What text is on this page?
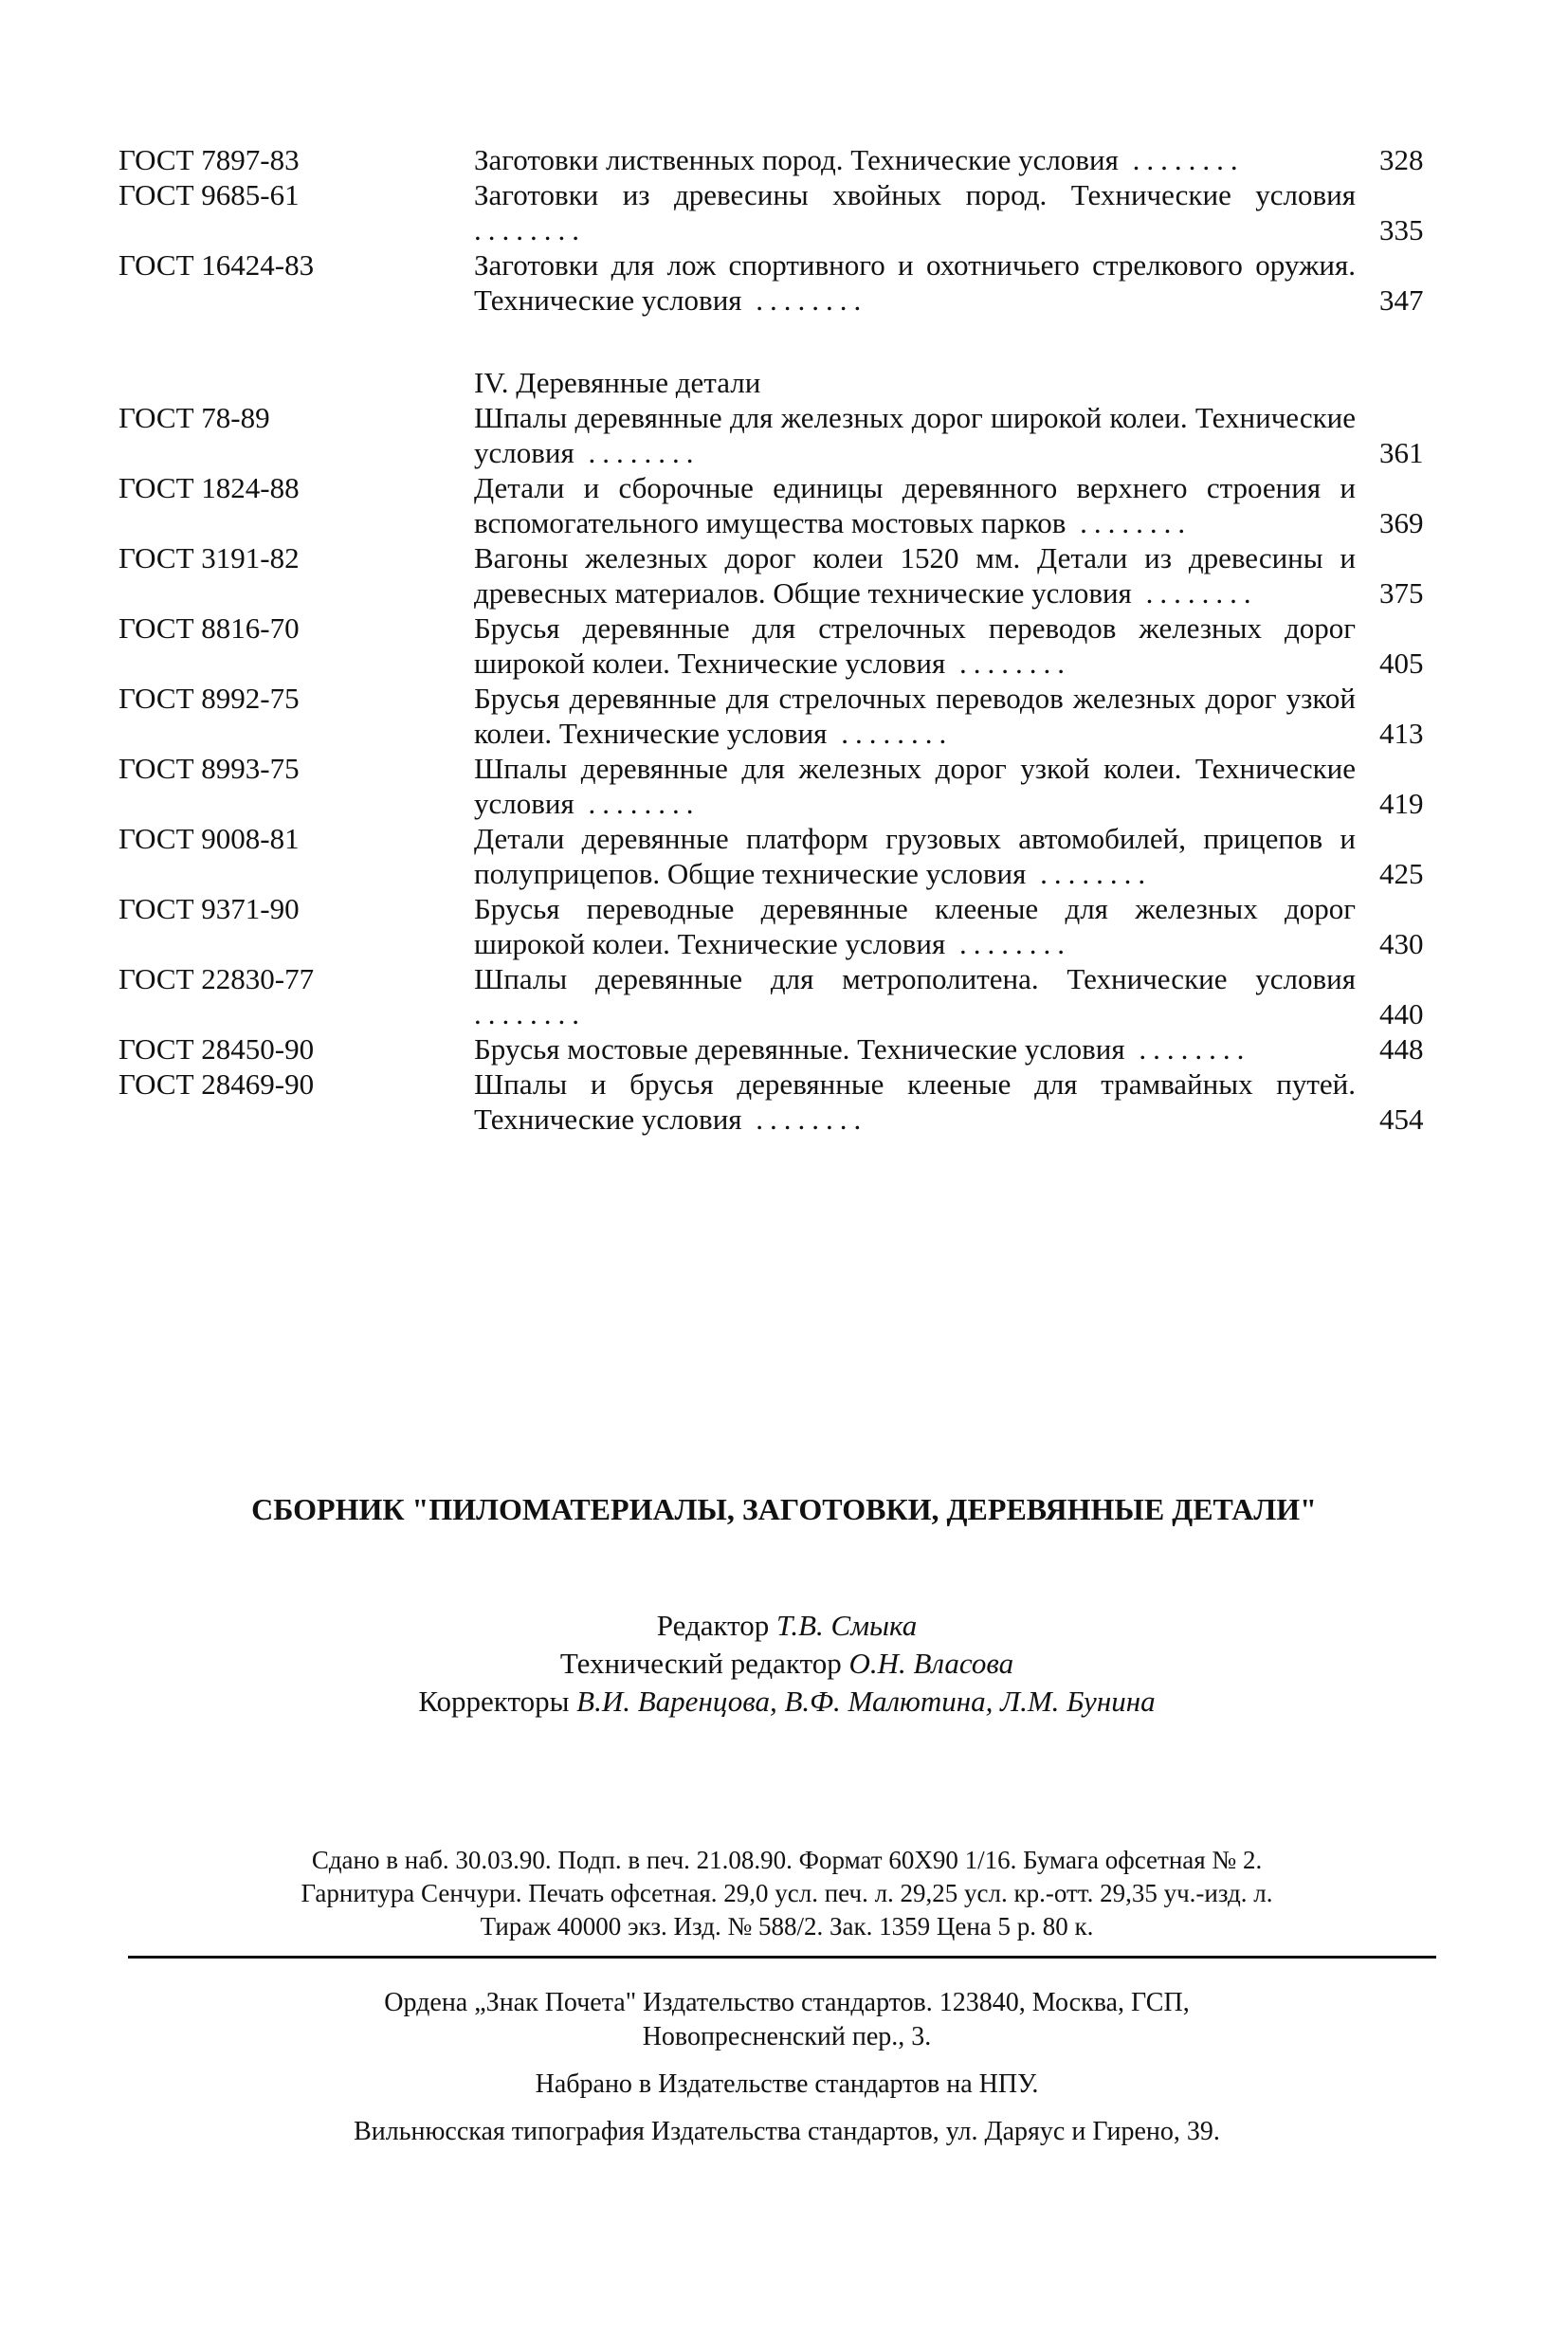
ГОСТ 7897-83	Заготовки лиственных пород. Технические условия ........	328
ГОСТ 9685-61	Заготовки из древесины хвойных пород. Технические условия ........	335
ГОСТ 16424-83	Заготовки для лож спортивного и охотничьего стрелкового оружия. Технические условия ........	347
IV. Деревянные детали
ГОСТ 78-89	Шпалы деревянные для железных дорог широкой колеи. Технические условия ........	361
ГОСТ 1824-88	Детали и сборочные единицы деревянного верхнего строения и вспомогательного имущества мостовых парков ........	369
ГОСТ 3191-82	Вагоны железных дорог колеи 1520 мм. Детали из древесины и древесных материалов. Общие технические условия ........	375
ГОСТ 8816-70	Брусья деревянные для стрелочных переводов железных дорог широкой колеи. Технические условия ........	405
ГОСТ 8992-75	Брусья деревянные для стрелочных переводов железных дорог узкой колеи. Технические условия ........	413
ГОСТ 8993-75	Шпалы деревянные для железных дорог узкой колеи. Технические условия ........	419
ГОСТ 9008-81	Детали деревянные платформ грузовых автомобилей, прицепов и полуприцепов. Общие технические условия ........	425
ГОСТ 9371-90	Брусья переводные деревянные клееные для железных дорог широкой колеи. Технические условия ........	430
ГОСТ 22830-77	Шпалы деревянные для метрополитена. Технические условия ........	440
ГОСТ 28450-90	Брусья мостовые деревянные. Технические условия ........	448
ГОСТ 28469-90	Шпалы и брусья деревянные клееные для трамвайных путей. Технические условия ........	454
СБОРНИК "ПИЛОМАТЕРИАЛЫ, ЗАГОТОВКИ, ДЕРЕВЯННЫЕ ДЕТАЛИ"
Редактор Т.В. Смыка
Технический редактор О.Н. Власова
Корректоры В.И. Варенцова, В.Ф. Малютина, Л.М. Бунина
Сдано в наб. 30.03.90. Подп. в печ. 21.08.90. Формат 60X90 1/16. Бумага офсетная № 2.
Гарнитура Сенчури. Печать офсетная. 29,0 усл. печ. л. 29,25 усл. кр.-отт. 29,35 уч.-изд. л.
Тираж 40000 экз. Изд. № 588/2. Зак. 1359 Цена 5 р. 80 к.

Ордена „Знак Почета" Издательство стандартов. 123840, Москва, ГСП,

Новопресненский пер., 3.

Набрано в Издательстве стандартов на НПУ.

Вильнюсская типография Издательства стандартов, ул. Даряус и Гирено, 39.
